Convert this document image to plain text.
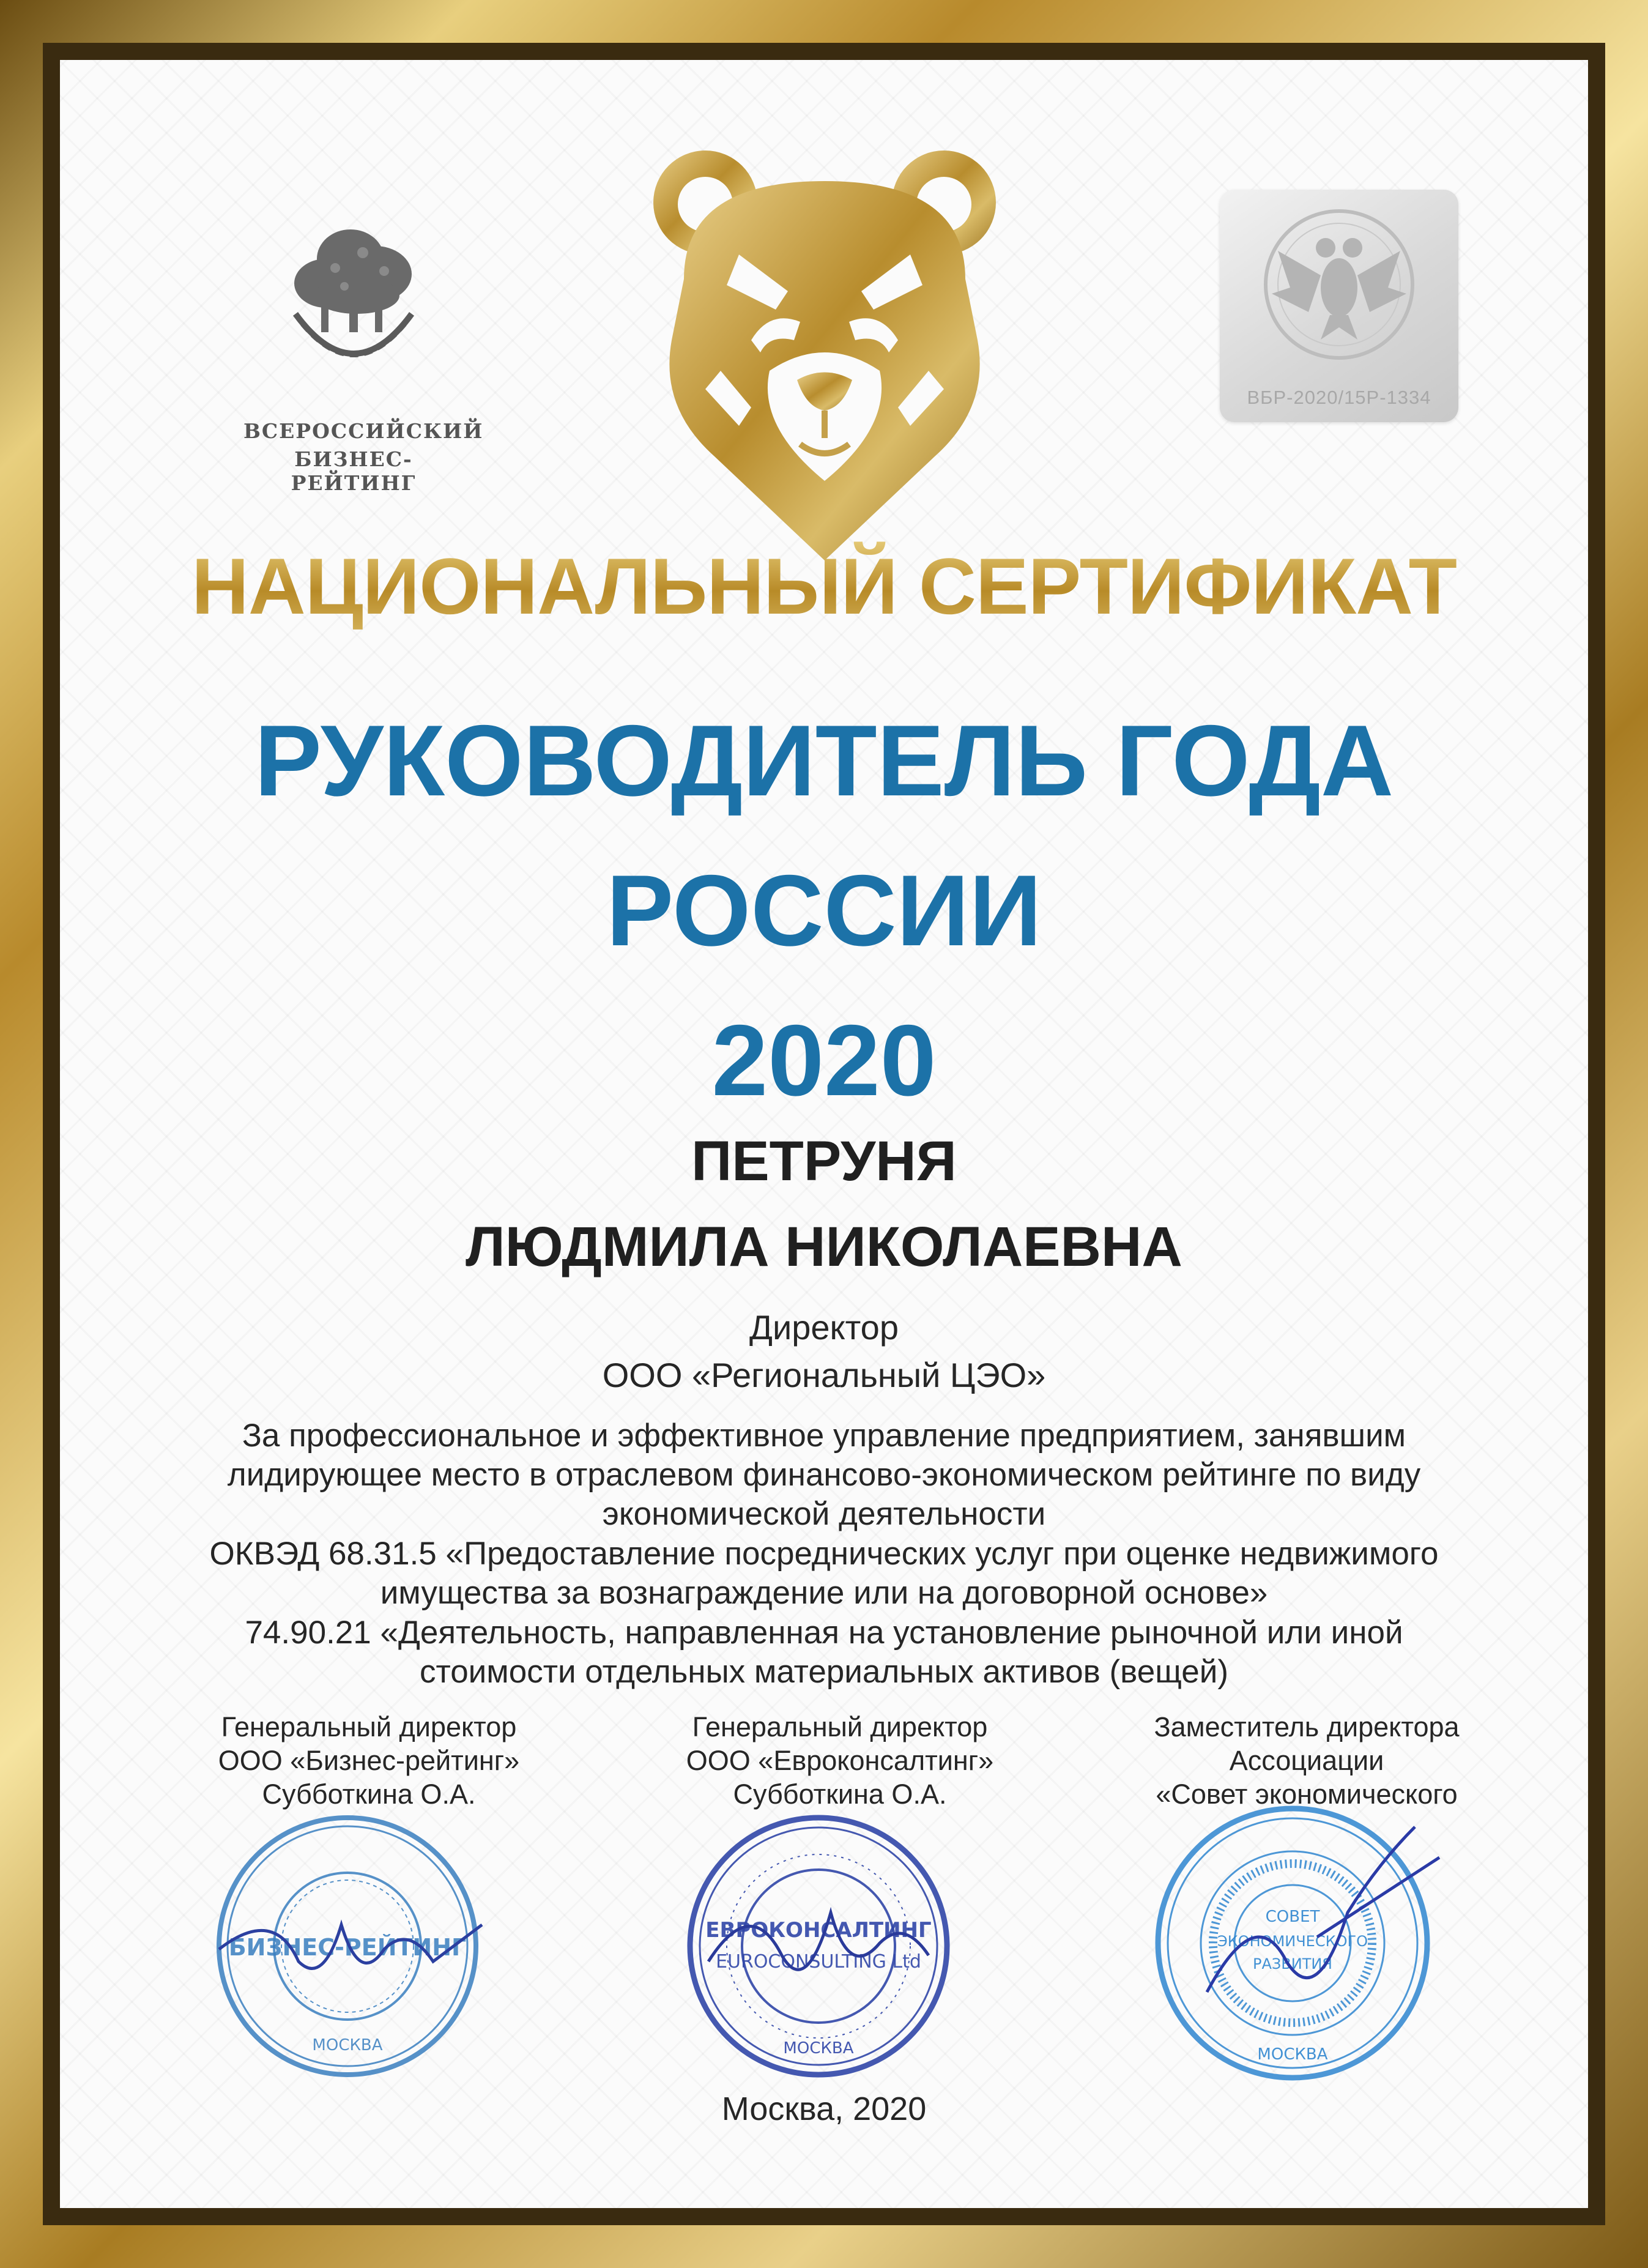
ВСЕРОССИЙСКИЙ
БИЗНЕС-РЕЙТИНГ
ВБР-2020/15Р-1334
НАЦИОНАЛЬНЫЙ СЕРТИФИКАТ
РУКОВОДИТЕЛЬ ГОДА
РОССИИ
2020
ПЕТРУНЯ
ЛЮДМИЛА НИКОЛАЕВНА
Директор
ООО «Региональный ЦЭО»
За профессиональное и эффективное управление предприятием, занявшим
лидирующее место в отраслевом финансово-экономическом рейтинге по виду
экономической деятельности
ОКВЭД 68.31.5 «Предоставление посреднических услуг при оценке недвижимого
имущества за вознаграждение или на договорной основе»
74.90.21 «Деятельность, направленная на установление рыночной или иной
стоимости отдельных материальных активов (вещей)
Генеральный директор
ООО «Бизнес-рейтинг»
Субботкина О.А.
Генеральный директор
ООО «Евроконсалтинг»
Субботкина О.А.
Заместитель директора
Ассоциации
«Совет экономического
БИЗНЕС-РЕЙТИНГ
МОСКВА
ЕВРОКОНСАЛТИНГ
EUROCONSULTING Ltd
МОСКВА
СОВЕТ
ЭКОНОМИЧЕСКОГО
РАЗВИТИЯ
МОСКВА
Москва, 2020
